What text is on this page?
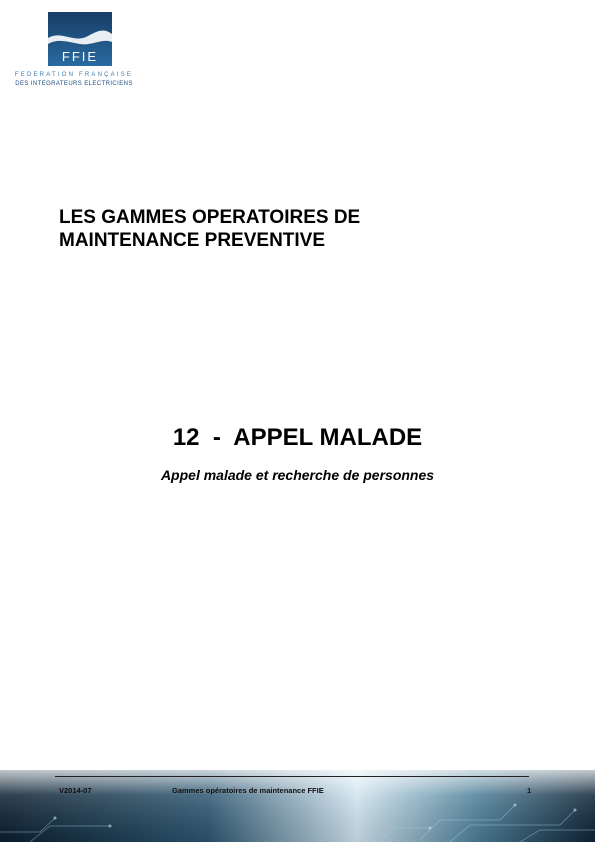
FFIE
FEDERATION FRANÇAISE
DES INTEGRATEURS ELECTRICIENS
LES GAMMES OPERATOIRES DE
MAINTENANCE PREVENTIVE
12  -  APPEL MALADE
Appel malade et recherche de personnes
V2014-07	Gammes opératoires de maintenance FFIE	1
